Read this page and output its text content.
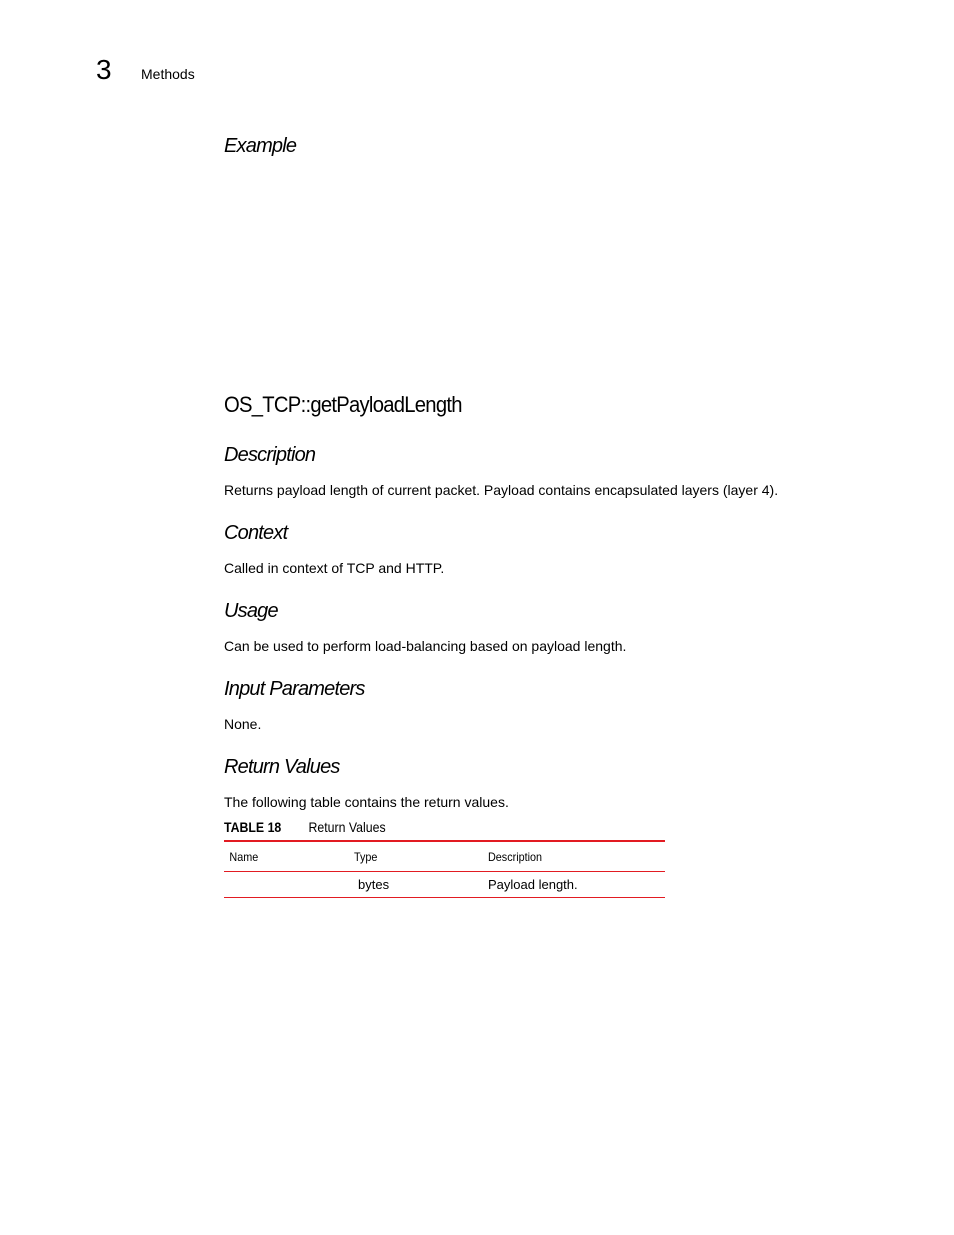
3 Methods
Example
OS_TCP::getPayloadLength
Description
Returns payload length of current packet. Payload contains encapsulated layers (layer 4).
Context
Called in context of TCP and HTTP.
Usage
Can be used to perform load-balancing based on payload length.
Input Parameters
None.
Return Values
The following table contains the return values.
TABLE 18 Return Values
Name	Type	Description
	bytes	Payload length.
